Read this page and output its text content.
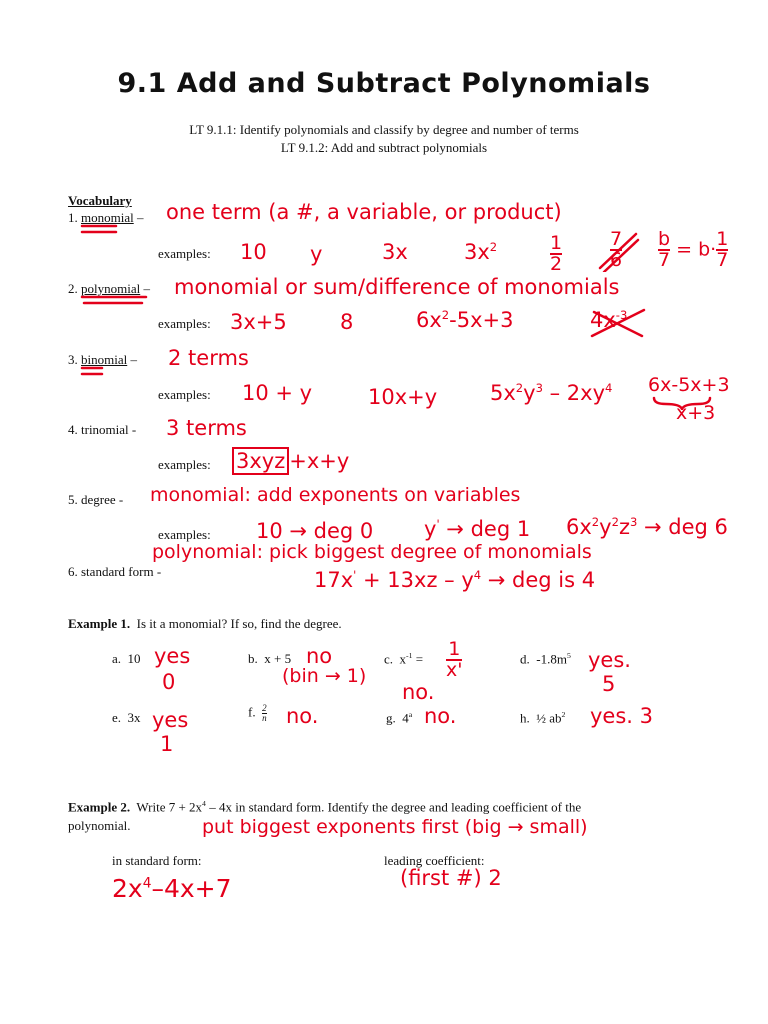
9.1 Add and Subtract Polynomials
LT 9.1.1: Identify polynomials and classify by degree and number of terms
LT 9.1.2: Add and subtract polynomials
Vocabulary
1. monomial – one term (a #, a variable, or product)
examples: 10 y	3x	$3x^2$	$\frac{1}{2}$	$\frac{7}{6} \frac{b}{7} = b\cdot \frac{1}{7}$
2. polynomial – monomial or sum/difference of monomials
examples: 3x+5	8	$6x^2-5x+3$	$4x^{-3}$
3. binomial – 2 terms
examples: 10 + y	10x+y	$5x^2y^3 - 2xy^4$ 6x-5x+3
x+3
4. trinomial - 3 terms
examples: 3xyz +x+y
5. degree - monomial: add exponents on variables
examples: 10 → deg 0 y' → deg 1 $6x^2y^2z^3$ → deg 6
polynomial: pick biggest degree of monomials
6. standard form -	$17x' + 13xz - y^4$ → deg is 4
Example 1. Is it a monomial? If so, find the degree.
a. 10 yes
0
b. x + 5 no
(bin → 1)
c. $x^{-1} = \frac{1}{x'}$
no.
d. $-1.8m^5$ yes.
5
e. 3x yes
1
f. $\frac{2}{n}$ no.	g. 4$^a$ no.	h. ½ $ab^2$ yes. 3
Example 2. Write $7 + 2x^4 - 4x$ in standard form. Identify the degree and leading coefficient of the
polynomial.	put biggest exponents first (big → small)
in standard form:	leading coefficient:
$2x^4-4x+7$	(first #) 2
